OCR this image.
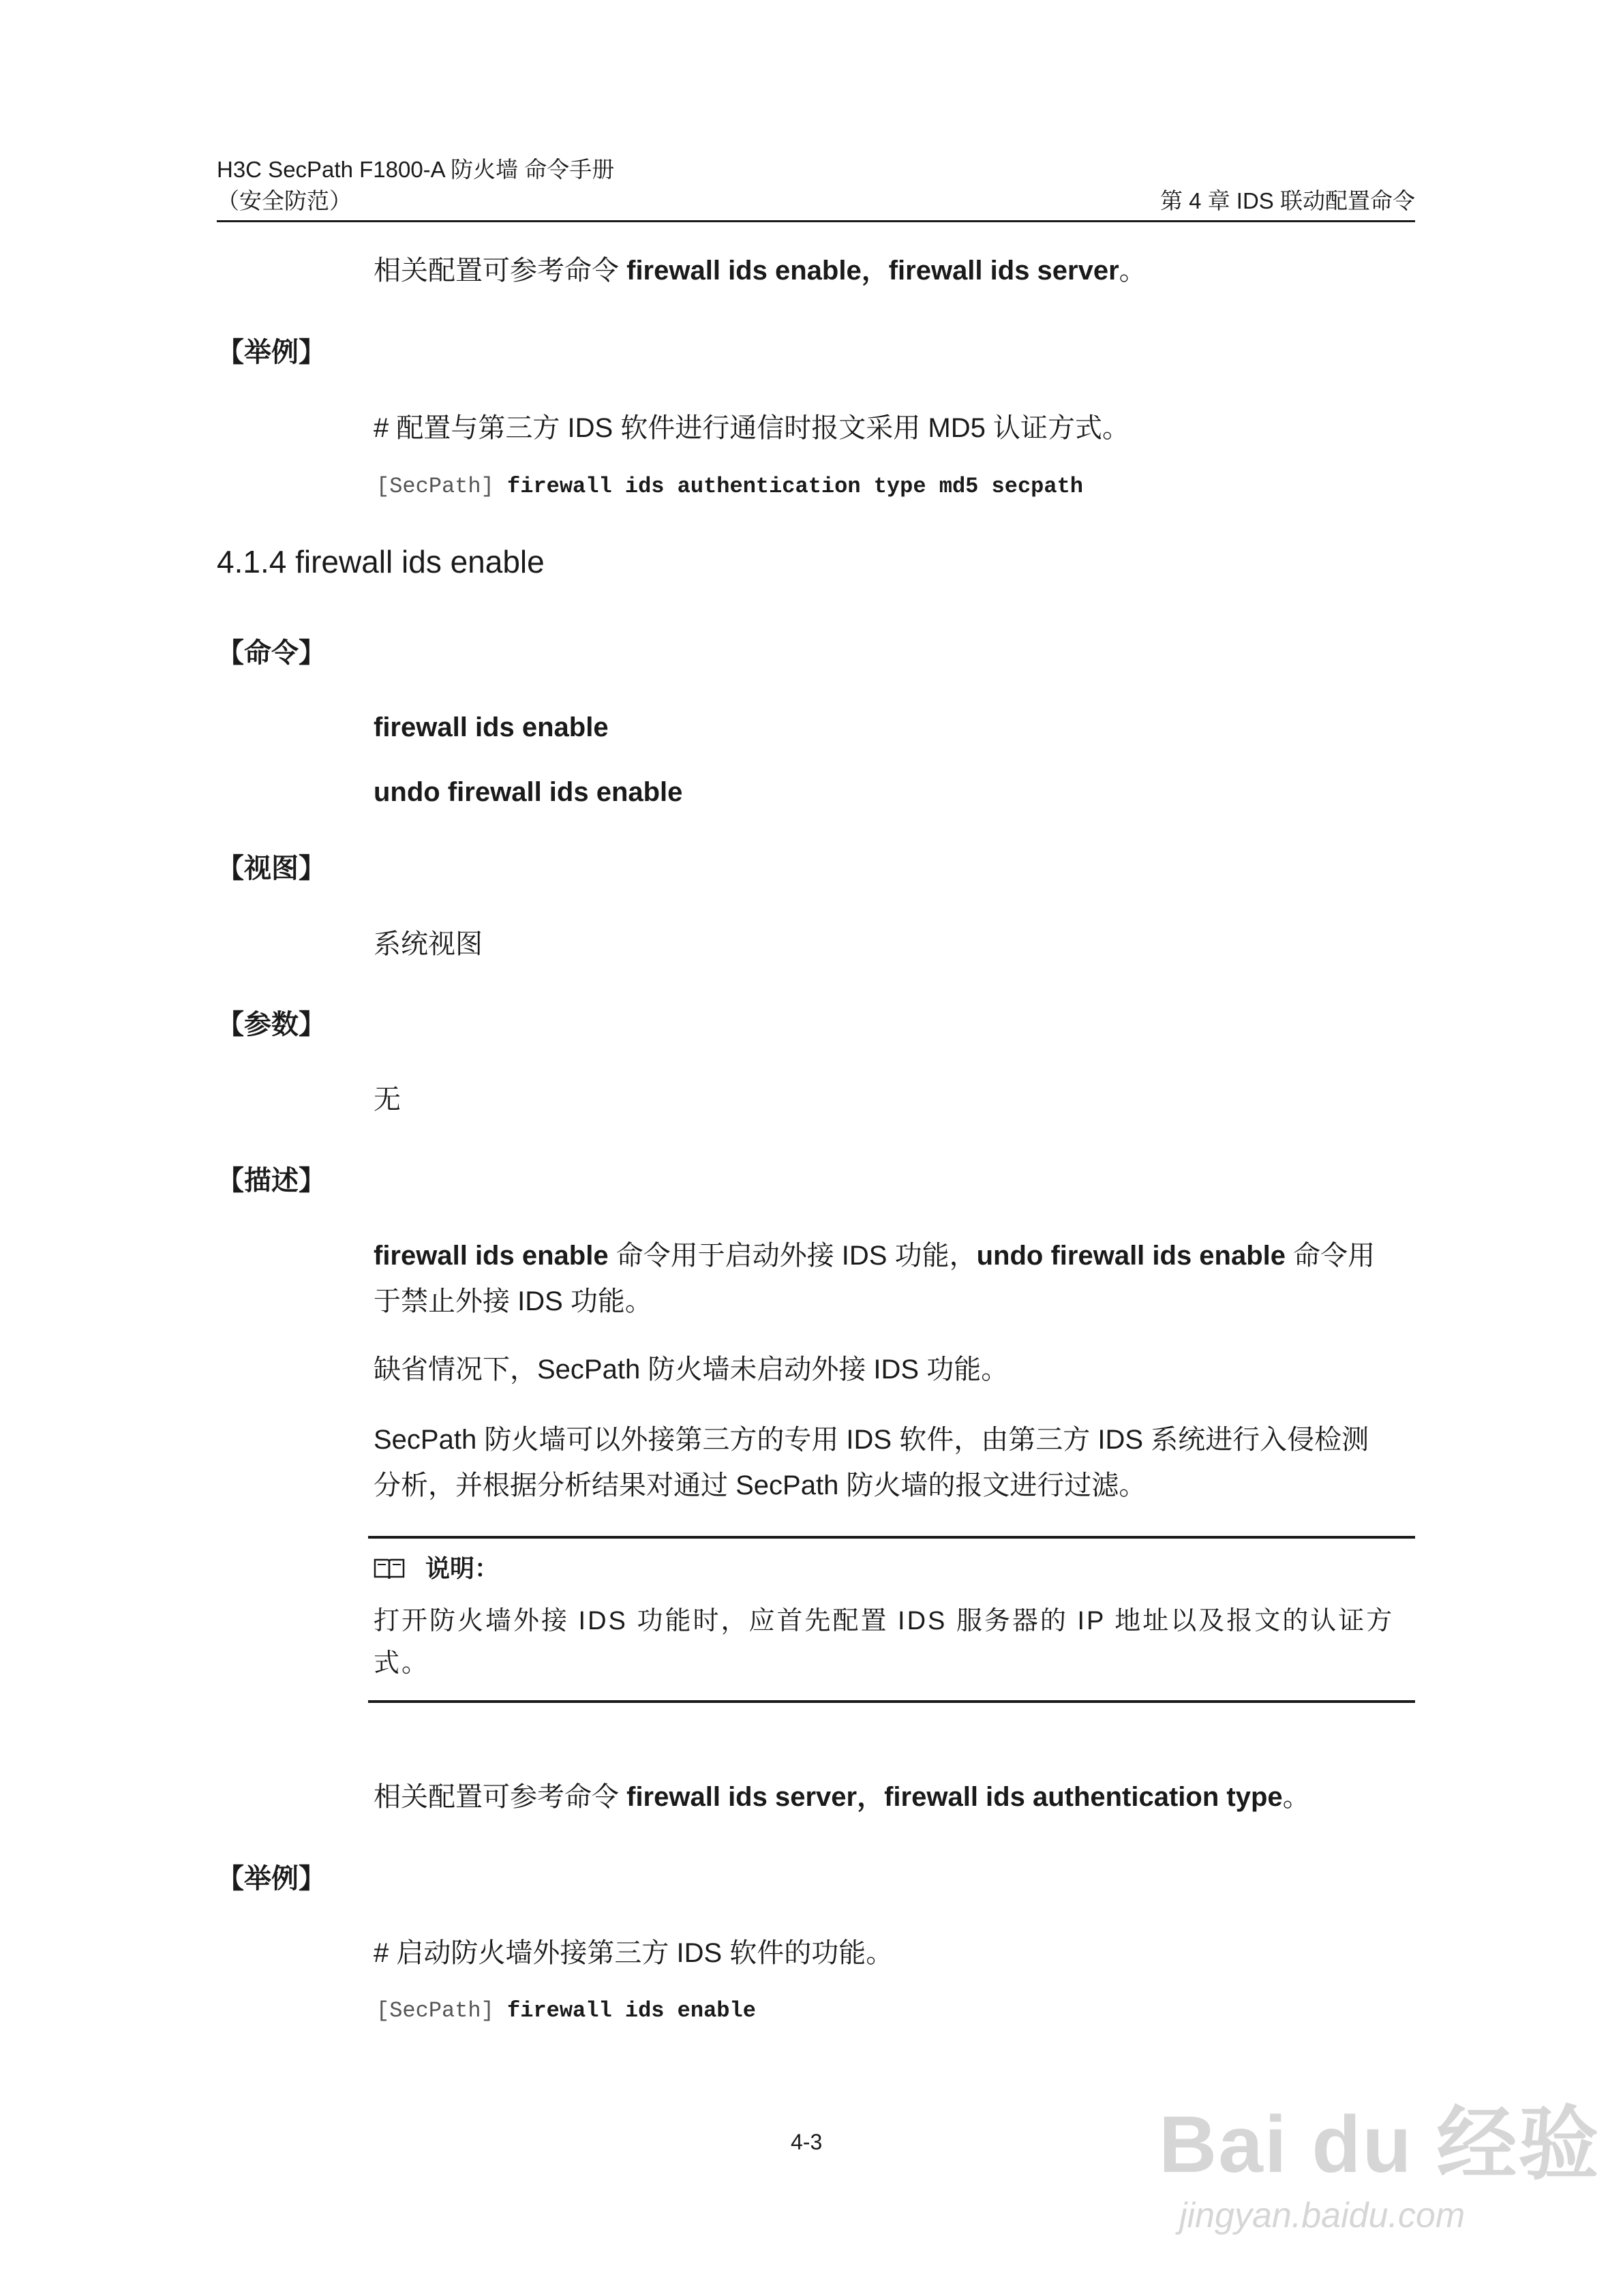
H3C SecPath F1800-A 防火墙 命令手册
（安全防范）	第 4 章 IDS 联动配置命令

相关配置可参考命令 firewall ids enable，firewall ids server。

【举例】

# 配置与第三方 IDS 软件进行通信时报文采用 MD5 认证方式。

[SecPath] firewall ids authentication type md5 secpath
4.1.4 firewall ids enable
【命令】

firewall ids enable

undo firewall ids enable

【视图】

系统视图

【参数】

无

【描述】

firewall ids enable 命令用于启动外接 IDS 功能，undo firewall ids enable 命令用

于禁止外接 IDS 功能。

缺省情况下，SecPath 防火墙未启动外接 IDS 功能。

SecPath 防火墙可以外接第三方的专用 IDS 软件，由第三方 IDS 系统进行入侵检测

分析，并根据分析结果对通过 SecPath 防火墙的报文进行过滤。

说明：

打开防火墙外接 IDS 功能时，应首先配置 IDS 服务器的 IP 地址以及报文的认证方

式。

相关配置可参考命令 firewall ids server，firewall ids authentication type。

【举例】

# 启动防火墙外接第三方 IDS 软件的功能。

[SecPath] firewall ids enable
4-3	Bai du 经验
jingyan.baidu.com
